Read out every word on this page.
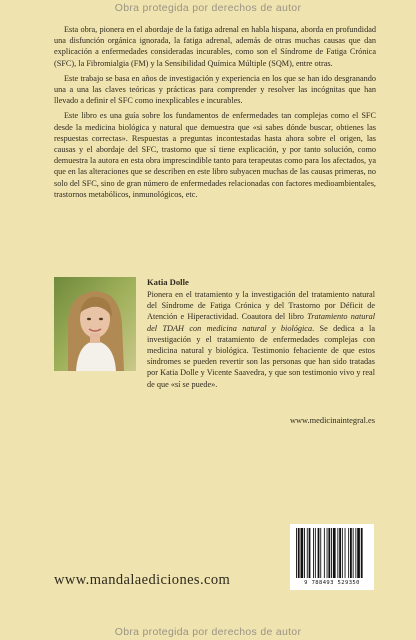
Obra protegida por derechos de autor

Esta obra, pionera en el abordaje de la fatiga adrenal en habla hispana, aborda en profundidad una disfunción orgánica ignorada, la fatiga adrenal, además de otras muchas causas que dan explicación a enfermedades consideradas incurables, como son el Síndrome de Fatiga Crónica (SFC), la Fibromialgia (FM) y la Sensibilidad Química Múltiple (SQM), entre otras.

Este trabajo se basa en años de investigación y experiencia en los que se han ido desgranando una a una las claves teóricas y prácticas para comprender y resolver las incógnitas que han llevado a definir el SFC como inexplicables e incurables.

Este libro es una guía sobre los fundamentos de enfermedades tan complejas como el SFC desde la medicina biológica y natural que demuestra que «si sabes dónde buscar, obtienes las respuestas correctas». Respuestas a preguntas incontestadas hasta ahora sobre el origen, las causas y el abordaje del SFC, trastorno que sí tiene explicación, y por tanto solución, como demuestra la autora en esta obra imprescindible tanto para terapeutas como para los afectados, ya que en las alteraciones que se describen en este libro subyacen muchas de las causas primeras, no solo del SFC, sino de gran número de enfermedades relacionadas con factores medioambientales, trastornos metabólicos, inmunológicos, etc.

Katia Dolle

Pionera en el tratamiento y la investigación del tratamiento natural del Síndrome de Fatiga Crónica y del Trastorno por Déficit de Atención e Hiperactividad. Coautora del libro Tratamiento natural del TDAH con medicina natural y biológica. Se dedica a la investigación y el tratamiento de enfermedades complejas con medicina natural y biológica. Testimonio fehaciente de que estos síndromes se pueden revertir son las personas que han sido tratadas por Katia Dolle y Vicente Saavedra, y que son testimonio vivo y real de que «sí se puede».

www.medicinaintegral.es
9 788493 529350
www.mandalaediciones.com
Obra protegida por derechos de autor
